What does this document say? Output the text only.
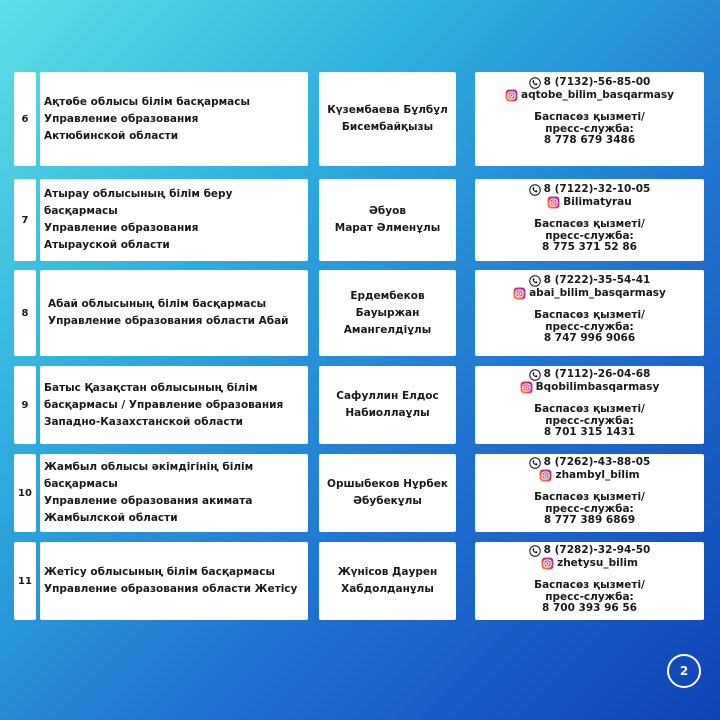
6
Ақтөбе облысы білім басқармасы
Управление образования
Актюбинской области
Күзембаева Бұлбұл
Бисембайқызы
8 (7132)-56-85-00
aqtobe_bilim_basqarmasy
Баспасөз қызметі/
пресс-служба:
8 778 679 3486
7
Атырау облысының білім беру басқармасы
Управление образования
Атырауской области
Әбуов
Марат Әлменұлы
8 (7122)-32-10-05
Bilimatyrau
Баспасөз қызметі/
пресс-служба:
8 775 371 52 86
8
Абай облысының білім басқармасы
Управление образования области Абай
Ердембеков
Бауыржан
Амангелдіұлы
8 (7222)-35-54-41
abai_bilim_basqarmasy
Баспасөз қызметі/
пресс-служба:
8 747 996 9066
9
Батыс Қазақстан облысының білім
басқармасы / Управление образования
Западно-Казахстанской области
Сафуллин Елдос
Набиоллаұлы
8 (7112)-26-04-68
Bqobilimbasqarmasy
Баспасөз қызметі/
пресс-служба:
8 701 315 1431
10
Жамбыл облысы әкімдігінің білім басқармасы
Управление образования акимата
Жамбылской области
Оршыбеков Нұрбек
Әбубекұлы
8 (7262)-43-88-05
zhambyl_bilim
Баспасөз қызметі/
пресс-служба:
8 777 389 6869
11
Жетісу облысының білім басқармасы
Управление образования области Жетісу
Жүнісов Даурен
Хабдолданұлы
8 (7282)-32-94-50
zhetysu_bilim
Баспасөз қызметі/
пресс-служба:
8 700 393 96 56
2
